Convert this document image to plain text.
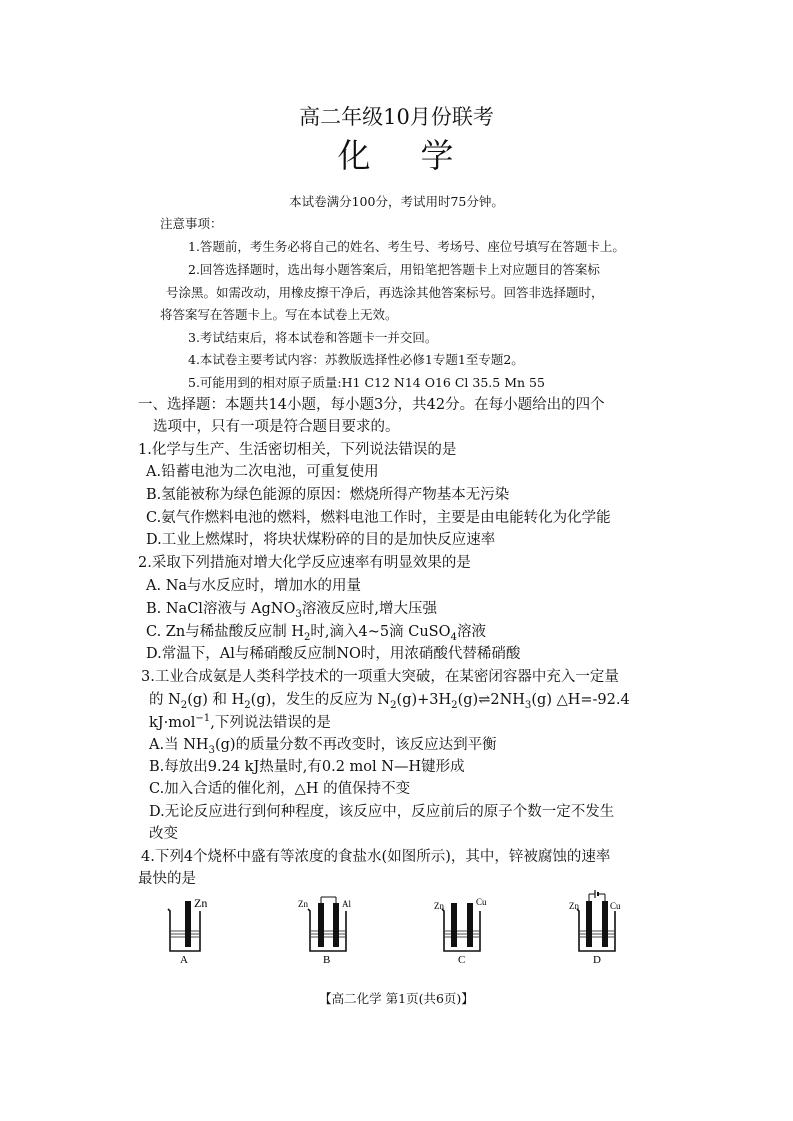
高二年级10月份联考
化 学
本试卷满分100分，考试用时75分钟。
注意事项：
1.答题前，考生务必将自己的姓名、考生号、考场号、座位号填写在答题卡上。
2.回答选择题时，选出每小题答案后，用铅笔把答题卡上对应题目的答案标
号涂黑。如需改动，用橡皮擦干净后，再选涂其他答案标号。回答非选择题时，
将答案写在答题卡上。写在本试卷上无效。
3.考试结束后，将本试卷和答题卡一并交回。
4.本试卷主要考试内容：苏教版选择性必修1专题1至专题2。
5.可能用到的相对原子质量:H1 C12 N14 O16 Cl 35.5 Mn 55
一、选择题：本题共14小题，每小题3分，共42分。在每小题给出的四个
选项中，只有一项是符合题目要求的。
1.化学与生产、生活密切相关，下列说法错误的是
A.铅蓄电池为二次电池，可重复使用
B.氢能被称为绿色能源的原因：燃烧所得产物基本无污染
C.氨气作燃料电池的燃料，燃料电池工作时，主要是由电能转化为化学能
D.工业上燃煤时，将块状煤粉碎的目的是加快反应速率
2.采取下列措施对增大化学反应速率有明显效果的是
A. Na与水反应时，增加水的用量
B. NaCl溶液与 AgNO$_3$溶液反应时,增大压强
C. Zn与稀盐酸反应制 $H_2$时,滴入4~5滴 CuSO$_4$溶液
D.常温下，Al与稀硝酸反应制NO时，用浓硝酸代替稀硝酸
3.工业合成氨是人类科学技术的一项重大突破，在某密闭容器中充入一定量
的 $N_2(g)$ 和 $H_2(g)$，发生的反应为 $N_2(g)+3H_2(g)\rightleftharpoons 2NH_3(g)$ △H=-92.4
kJ·mol$^{-1}$,下列说法错误的是
A.当 $NH_3(g)$的质量分数不再改变时，该反应达到平衡
B.每放出9.24 kJ热量时,有0.2 mol N—H键形成
C.加入合适的催化剂，△H 的值保持不变
D.无论反应进行到何种程度，该反应中，反应前后的原子个数一定不发生
改变
4.下列4个烧杯中盛有等浓度的食盐水(如图所示)，其中，锌被腐蚀的速率
最快的是
Zn
A
Zn	Al
B
Zn	Cu
C
Zn	Cu
D
【高二化学 第1页(共6页)】
